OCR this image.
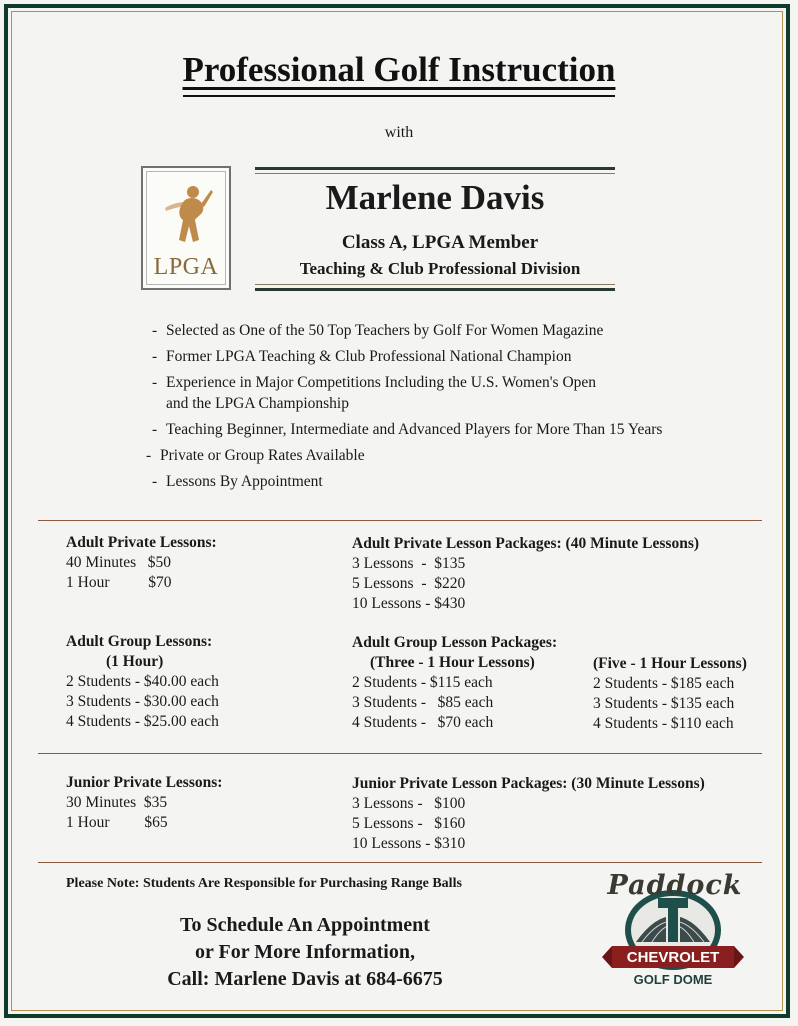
Professional Golf Instruction
with
LPGA
Marlene Davis
Class A, LPGA Member
Teaching & Club Professional Division
- Selected as One of the 50 Top Teachers by Golf For Women Magazine
- Former LPGA Teaching & Club Professional National Champion
- Experience in Major Competitions Including the U.S. Women's Open
and the LPGA Championship
- Teaching Beginner, Intermediate and Advanced Players for More Than 15 Years
- Private or Group Rates Available
- Lessons By Appointment
Adult Private Lessons:
40 Minutes   $50
1 Hour          $70
Adult Private Lesson Packages: (40 Minute Lessons)
3 Lessons  -  $135
5 Lessons  -  $220
10 Lessons - $430
Adult Group Lessons:
(1 Hour)
2 Students - $40.00 each
3 Students - $30.00 each
4 Students - $25.00 each
Adult Group Lesson Packages:
(Three - 1 Hour Lessons)
2 Students - $115 each
3 Students -   $85 each
4 Students -   $70 each
(Five - 1 Hour Lessons)
2 Students - $185 each
3 Students - $135 each
4 Students - $110 each
Junior Private Lessons:
30 Minutes  $35
1 Hour         $65
Junior Private Lesson Packages: (30 Minute Lessons)
3 Lessons -   $100
5 Lessons -   $160
10 Lessons - $310
Please Note: Students Are Responsible for Purchasing Range Balls
To Schedule An Appointment
or For More Information,
Call: Marlene Davis at 684-6675
Paddock
CHEVROLET
GOLF DOME
